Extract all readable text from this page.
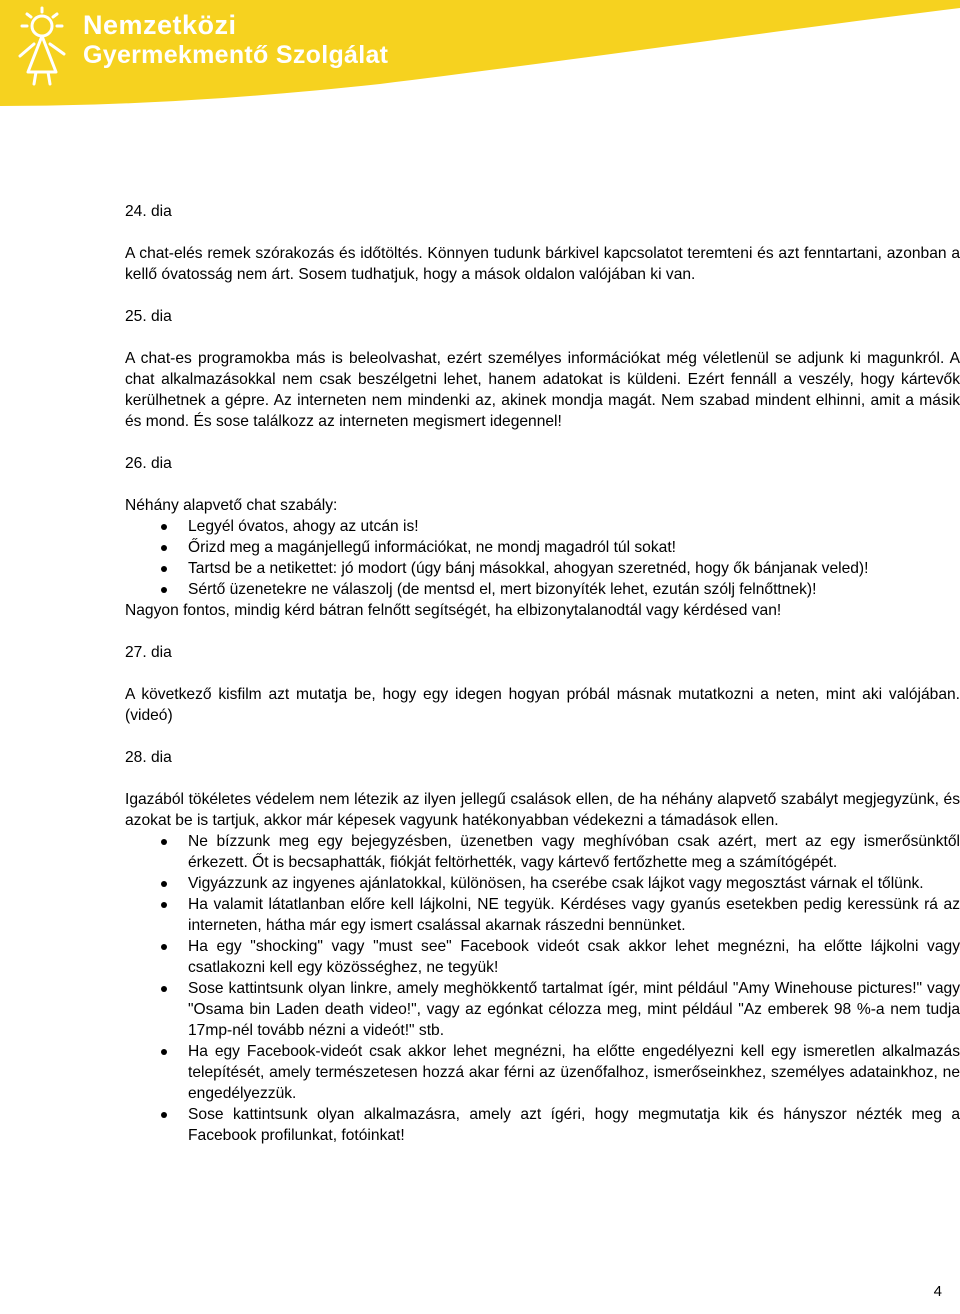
Nemzetközi
Gyermekmentő Szolgálat

24. dia

A chat-elés remek szórakozás és időtöltés. Könnyen tudunk bárkivel kapcsolatot teremteni és azt fenntartani, azonban a kellő óvatosság nem árt. Sosem tudhatjuk, hogy a mások oldalon valójában ki van.

25. dia

A chat-es programokba más is beleolvashat, ezért személyes információkat még véletlenül se adjunk ki magunkról. A chat alkalmazásokkal nem csak beszélgetni lehet, hanem adatokat is küldeni. Ezért fennáll a veszély, hogy kártevők kerülhetnek a gépre. Az interneten nem mindenki az, akinek mondja magát. Nem szabad mindent elhinni, amit a másik és mond. És sose találkozz az interneten megismert idegennel!

26. dia

Néhány alapvető chat szabály:

Legyél óvatos, ahogy az utcán is!
Őrizd meg a magánjellegű információkat, ne mondj magadról túl sokat!
Tartsd be a netikettet: jó modort (úgy bánj másokkal, ahogyan szeretnéd, hogy ők bánjanak veled)!
Sértő üzenetekre ne válaszolj (de mentsd el, mert bizonyíték lehet, ezután szólj felnőttnek)!

Nagyon fontos, mindig kérd bátran felnőtt segítségét, ha elbizonytalanodtál vagy kérdésed van!

27. dia

A következő kisfilm azt mutatja be, hogy egy idegen hogyan próbál másnak mutatkozni a neten, mint aki valójában. (videó)

28. dia

Igazából tökéletes védelem nem létezik az ilyen jellegű csalások ellen, de ha néhány alapvető szabályt megjegyzünk, és azokat be is tartjuk, akkor már képesek vagyunk hatékonyabban védekezni a támadások ellen.

Ne bízzunk meg egy bejegyzésben, üzenetben vagy meghívóban csak azért, mert az egy ismerősünktől érkezett. Őt is becsaphatták, fiókját feltörhették, vagy kártevő fertőzhette meg a számítógépét.
Vigyázzunk az ingyenes ajánlatokkal, különösen, ha cserébe csak lájkot vagy megosztást várnak el tőlünk.
Ha valamit látatlanban előre kell lájkolni, NE tegyük. Kérdéses vagy gyanús esetekben pedig keressünk rá az interneten, hátha már egy ismert csalással akarnak rászedni bennünket.
Ha egy "shocking" vagy "must see" Facebook videót csak akkor lehet megnézni, ha előtte lájkolni vagy csatlakozni kell egy közösséghez, ne tegyük!
Sose kattintsunk olyan linkre, amely meghökkentő tartalmat ígér, mint például "Amy Winehouse pictures!" vagy "Osama bin Laden death video!", vagy az egónkat célozza meg, mint például "Az emberek 98 %-a nem tudja 17mp-nél tovább nézni a videót!" stb.
Ha egy Facebook-videót csak akkor lehet megnézni, ha előtte engedélyezni kell egy ismeretlen alkalmazás telepítését, amely természetesen hozzá akar férni az üzenőfalhoz, ismerőseinkhez, személyes adatainkhoz, ne engedélyezzük.
Sose kattintsunk olyan alkalmazásra, amely azt ígéri, hogy megmutatja kik és hányszor nézték meg a Facebook profilunkat, fotóinkat!
4
